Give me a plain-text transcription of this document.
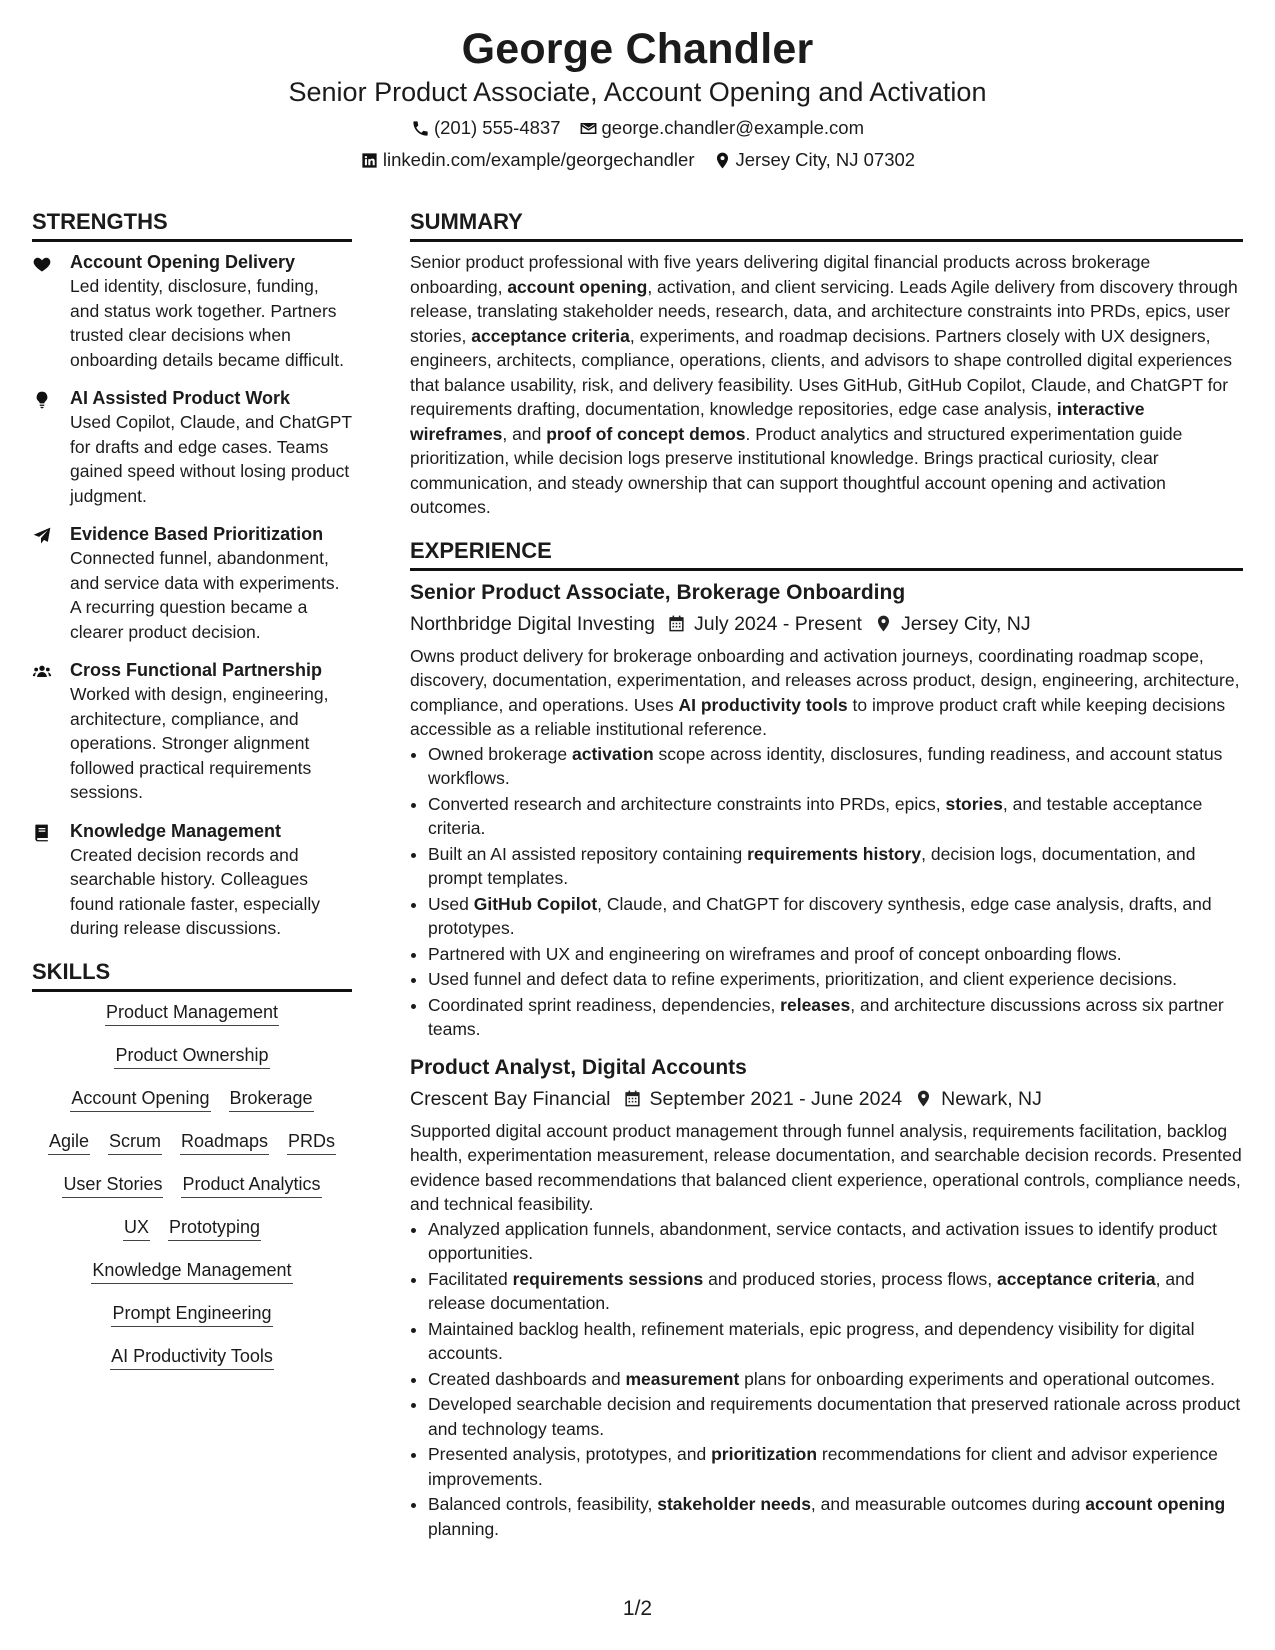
George Chandler
Senior Product Associate, Account Opening and Activation
(201) 555-4837 george.chandler@example.com
linkedin.com/example/georgechandler Jersey City, NJ 07302
STRENGTHS
Account Opening Delivery
Led identity, disclosure, funding, and status work together. Partners trusted clear decisions when onboarding details became difficult.
AI Assisted Product Work
Used Copilot, Claude, and ChatGPT for drafts and edge cases. Teams gained speed without losing product judgment.
Evidence Based Prioritization
Connected funnel, abandonment, and service data with experiments. A recurring question became a clearer product decision.
Cross Functional Partnership
Worked with design, engineering, architecture, compliance, and operations. Stronger alignment followed practical requirements sessions.
Knowledge Management
Created decision records and searchable history. Colleagues found rationale faster, especially during release discussions.
SKILLS
Product Management
Product Ownership
Account Opening Brokerage
Agile Scrum Roadmaps PRDs
User Stories Product Analytics
UX Prototyping
Knowledge Management
Prompt Engineering
AI Productivity Tools
SUMMARY
Senior product professional with five years delivering digital financial products across brokerage onboarding, account opening, activation, and client servicing. Leads Agile delivery from discovery through release, translating stakeholder needs, research, data, and architecture constraints into PRDs, epics, user stories, acceptance criteria, experiments, and roadmap decisions. Partners closely with UX designers, engineers, architects, compliance, operations, clients, and advisors to shape controlled digital experiences that balance usability, risk, and delivery feasibility. Uses GitHub, GitHub Copilot, Claude, and ChatGPT for requirements drafting, documentation, knowledge repositories, edge case analysis, interactive wireframes, and proof of concept demos. Product analytics and structured experimentation guide prioritization, while decision logs preserve institutional knowledge. Brings practical curiosity, clear communication, and steady ownership that can support thoughtful account opening and activation outcomes.
EXPERIENCE
Senior Product Associate, Brokerage Onboarding
Northbridge Digital Investing	July 2024 - Present	Jersey City, NJ
Owns product delivery for brokerage onboarding and activation journeys, coordinating roadmap scope, discovery, documentation, experimentation, and releases across product, design, engineering, architecture, compliance, and operations. Uses AI productivity tools to improve product craft while keeping decisions accessible as a reliable institutional reference.
• Owned brokerage activation scope across identity, disclosures, funding readiness, and account status workflows.
• Converted research and architecture constraints into PRDs, epics, stories, and testable acceptance criteria.
• Built an AI assisted repository containing requirements history, decision logs, documentation, and prompt templates.
• Used GitHub Copilot, Claude, and ChatGPT for discovery synthesis, edge case analysis, drafts, and prototypes.
• Partnered with UX and engineering on wireframes and proof of concept onboarding flows.
• Used funnel and defect data to refine experiments, prioritization, and client experience decisions.
• Coordinated sprint readiness, dependencies, releases, and architecture discussions across six partner teams.
Product Analyst, Digital Accounts
Crescent Bay Financial	September 2021 - June 2024	Newark, NJ
Supported digital account product management through funnel analysis, requirements facilitation, backlog health, experimentation measurement, release documentation, and searchable decision records. Presented evidence based recommendations that balanced client experience, operational controls, compliance needs, and technical feasibility.
• Analyzed application funnels, abandonment, service contacts, and activation issues to identify product opportunities.
• Facilitated requirements sessions and produced stories, process flows, acceptance criteria, and release documentation.
• Maintained backlog health, refinement materials, epic progress, and dependency visibility for digital accounts.
• Created dashboards and measurement plans for onboarding experiments and operational outcomes.
• Developed searchable decision and requirements documentation that preserved rationale across product and technology teams.
• Presented analysis, prototypes, and prioritization recommendations for client and advisor experience improvements.
• Balanced controls, feasibility, stakeholder needs, and measurable outcomes during account opening planning.
1/2
